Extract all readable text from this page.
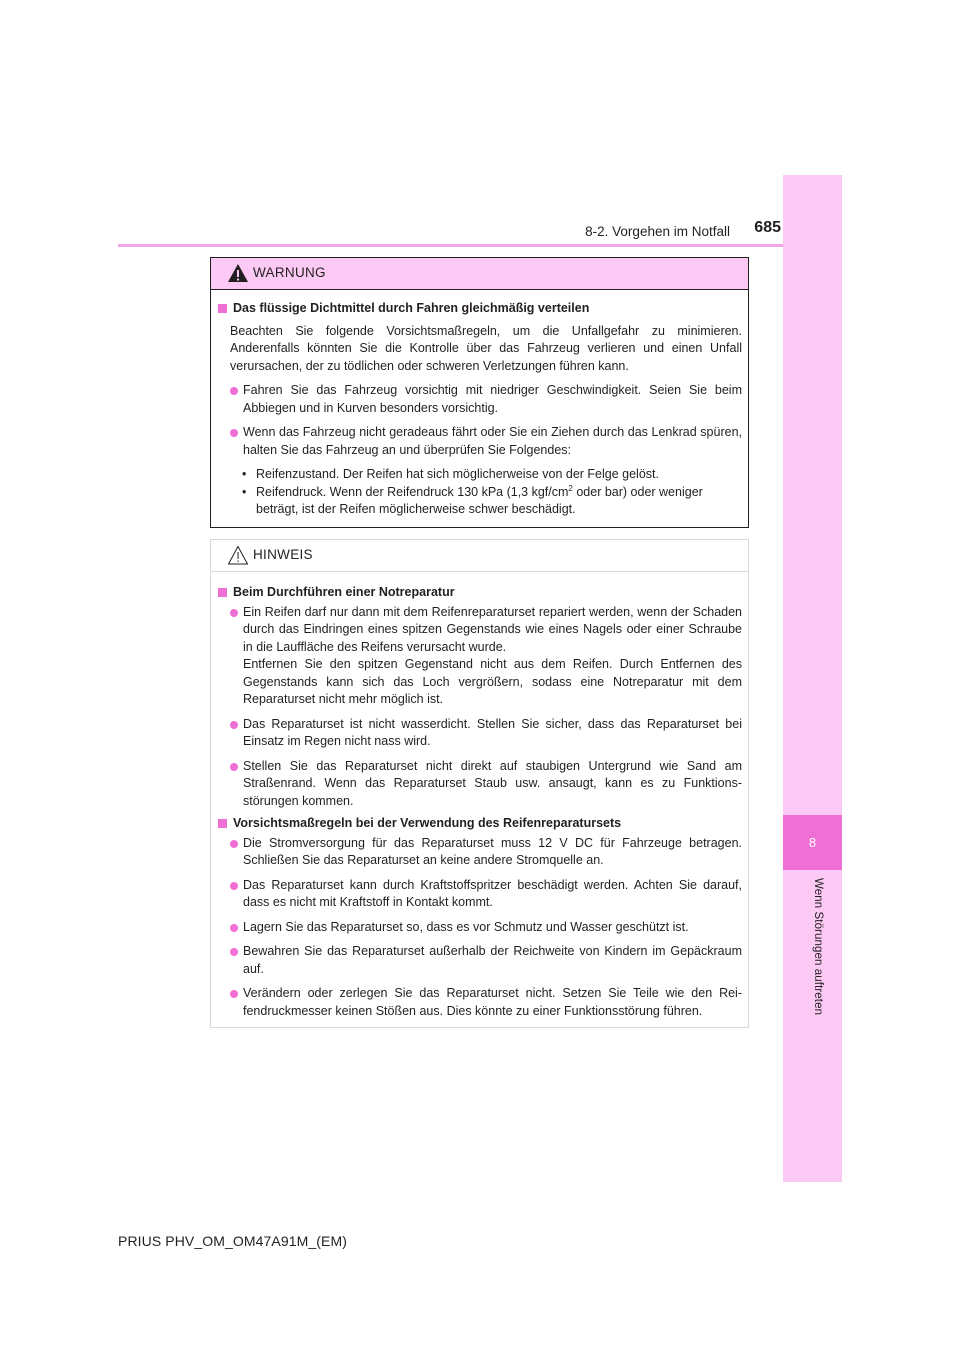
8
Wenn Störungen auftreten
8-2. Vorgehen im Notfall	685
WARNUNG
Das flüssige Dichtmittel durch Fahren gleichmäßig verteilen
Beachten Sie folgende Vorsichtsmaßregeln, um die Unfallgefahr zu minimieren. Anderenfalls könnten Sie die Kontrolle über das Fahrzeug verlieren und einen Unfall verursachen, der zu tödlichen oder schweren Verletzungen führen kann.
Fahren Sie das Fahrzeug vorsichtig mit niedriger Geschwindigkeit. Seien Sie beim Abbiegen und in Kurven besonders vorsichtig.
Wenn das Fahrzeug nicht geradeaus fährt oder Sie ein Ziehen durch das Lenkrad spüren, halten Sie das Fahrzeug an und überprüfen Sie Folgendes:
• Reifenzustand. Der Reifen hat sich möglicherweise von der Felge gelöst.
• Reifendruck. Wenn der Reifendruck 130 kPa (1,3 kgf/$cm^2$ oder bar) oder weniger beträgt, ist der Reifen möglicherweise schwer beschädigt.
HINWEIS
Beim Durchführen einer Notreparatur
Ein Reifen darf nur dann mit dem Reifenreparaturset repariert werden, wenn der Schaden durch das Eindringen eines spitzen Gegenstands wie eines Nagels oder einer Schraube in die Lauffläche des Reifens verursacht wurde.
Entfernen Sie den spitzen Gegenstand nicht aus dem Reifen. Durch Entfernen des Gegenstands kann sich das Loch vergrößern, sodass eine Notreparatur mit dem Reparaturset nicht mehr möglich ist.
Das Reparaturset ist nicht wasserdicht. Stellen Sie sicher, dass das Reparaturset bei Einsatz im Regen nicht nass wird.
Stellen Sie das Reparaturset nicht direkt auf staubigen Untergrund wie Sand am Straßenrand. Wenn das Reparaturset Staub usw. ansaugt, kann es zu Funktionsstörungen kommen.
Vorsichtsmaßregeln bei der Verwendung des Reifenreparatursets
Die Stromversorgung für das Reparaturset muss 12 V DC für Fahrzeuge betragen. Schließen Sie das Reparaturset an keine andere Stromquelle an.
Das Reparaturset kann durch Kraftstoffspritzer beschädigt werden. Achten Sie darauf, dass es nicht mit Kraftstoff in Kontakt kommt.
Lagern Sie das Reparaturset so, dass es vor Schmutz und Wasser geschützt ist.
Bewahren Sie das Reparaturset außerhalb der Reichweite von Kindern im Gepäckraum auf.
Verändern oder zerlegen Sie das Reparaturset nicht. Setzen Sie Teile wie den Reifendruckmesser keinen Stößen aus. Dies könnte zu einer Funktionsstörung führen.
PRIUS PHV_OM_OM47A91M_(EM)
